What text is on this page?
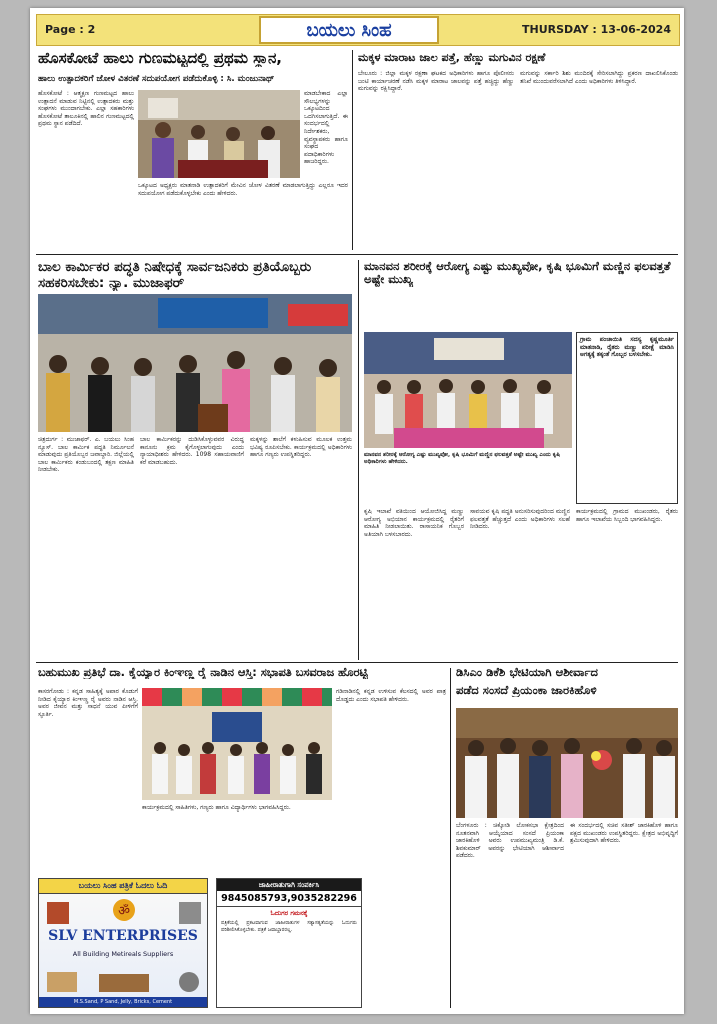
Page : 2	ಬಯಲು ಸಿಂಹ	THURSDAY : 13-06-2024
ಹೊಸಕೋಟೆ ಹಾಲು ಗುಣಮಟ್ಟದಲ್ಲಿ ಪ್ರಥಮ ಸ್ಥಾನ,
ಹಾಲು ಉತ್ಪಾದಕರಿಗೆ ಜೋಳ ವಿತರಣೆ ಸದುಪಯೋಗ ಪಡೆದುಕೊಳ್ಳಿ : ಸಿ. ಮಂಜುನಾಥ್
ಹೊಸಕೋಟೆ : ಆತ್ಮಕ್ಷಣ ಗುಣಮಟ್ಟದ ಹಾಲು ಉತ್ಪಾದನೆ ಮಾಡುವ ನಿಟ್ಟಿನಲ್ಲಿ ಉತ್ಪಾದಕರು ಮತ್ತು ಸಂಘಗಳು ಮುಂದಾಗಬೇಕು. ಎಲ್ಲಾ ಸಹಕಾರಿಗಳು ಹೊಸಕೋಟೆ ತಾಲೂಕಿನಲ್ಲಿ ಹಾಲಿನ ಗುಣಮಟ್ಟದಲ್ಲಿ ಪ್ರಥಮ ಸ್ಥಾನ ಪಡೆದಿದೆ.
ಮಾಡಬೇಕಾದ ಎಲ್ಲಾ ಸೌಲಭ್ಯಗಳನ್ನು ಒಕ್ಕೂಟದಿಂದ ಒದಗಿಸಲಾಗುತ್ತಿದೆ. ಈ ಸಂದರ್ಭದಲ್ಲಿ ನಿರ್ದೇಶಕರು, ವ್ಯವಸ್ಥಾಪಕರು ಹಾಗೂ ಸಂಘದ ಪದಾಧಿಕಾರಿಗಳು ಹಾಜರಿದ್ದರು.
ಒಕ್ಕೂಟದ ಅಧ್ಯಕ್ಷರು ಮಾತನಾಡಿ ಉತ್ಪಾದಕರಿಗೆ ಮೇವಿನ ಜೋಳ ವಿತರಣೆ ಮಾಡಲಾಗುತ್ತಿದ್ದು ಎಲ್ಲರೂ ಇದರ ಸದುಪಯೋಗ ಪಡೆದುಕೊಳ್ಳಬೇಕು ಎಂದು ಹೇಳಿದರು.
ಮಕ್ಕಳ ಮಾರಾಟ ಜಾಲ ಪತ್ತೆ, ಹೆಣ್ಣು ಮಗುವಿನ ರಕ್ಷಣೆ
ಬೇಲೂರು : ಜಿಲ್ಲಾ ಮಕ್ಕಳ ರಕ್ಷಣಾ ಘಟಕದ ಅಧಿಕಾರಿಗಳು ಹಾಗೂ ಪೊಲೀಸರು ಜಂಟಿ ಕಾರ್ಯಾಚರಣೆ ನಡೆಸಿ ಮಕ್ಕಳ ಮಾರಾಟ ಜಾಲವನ್ನು ಪತ್ತೆ ಹಚ್ಚಿದ್ದು ಹೆಣ್ಣು ಮಗುವನ್ನು ರಕ್ಷಿಸಿದ್ದಾರೆ.
ಮಗುವನ್ನು ಸರ್ಕಾರಿ ಶಿಶು ಮಂದಿರಕ್ಕೆ ಸೇರಿಸಲಾಗಿದ್ದು ಪ್ರಕರಣ ದಾಖಲಿಸಿಕೊಂಡು ತನಿಖೆ ಮುಂದುವರೆಸಲಾಗಿದೆ ಎಂದು ಅಧಿಕಾರಿಗಳು ತಿಳಿಸಿದ್ದಾರೆ.
ಬಾಲ ಕಾರ್ಮಿಕರ ಪದ್ಧತಿ ನಿಷೇಧಕ್ಕೆ ಸಾರ್ವಜನಿಕರು ಪ್ರತಿಯೊಬ್ಬರು ಸಹಕರಿಸಬೇಕು: ನ್ಯಾ. ಮುಜಾಫರ್
ಚಿತ್ರದುರ್ಗ : ಮುಜಾಫರ್. ಎ. ಬಯಲು ಸಿಂಹ ನ್ಯೂಸ್. ಬಾಲ ಕಾರ್ಮಿಕ ಪದ್ಧತಿ ನಿರ್ಮೂಲನೆ ಮಾಡುವುದು ಪ್ರತಿಯೊಬ್ಬರ ಜವಾಬ್ದಾರಿ. ಜಿಲ್ಲೆಯಲ್ಲಿ ಬಾಲ ಕಾರ್ಮಿಕರು ಕಂಡುಬಂದಲ್ಲಿ ತಕ್ಷಣ ಮಾಹಿತಿ ನೀಡಬೇಕು.
ಬಾಲ ಕಾರ್ಮಿಕರನ್ನು ದುಡಿಸಿಕೊಳ್ಳುವವರ ವಿರುದ್ಧ ಕಾನೂನು ಕ್ರಮ ಕೈಗೊಳ್ಳಲಾಗುವುದು ಎಂದು ನ್ಯಾಯಾಧೀಶರು ಹೇಳಿದರು. 1098 ಸಹಾಯವಾಣಿಗೆ ಕರೆ ಮಾಡಬಹುದು.
ಮಕ್ಕಳನ್ನು ಶಾಲೆಗೆ ಕಳುಹಿಸುವ ಮೂಲಕ ಉತ್ತಮ ಭವಿಷ್ಯ ರೂಪಿಸಬೇಕು. ಕಾರ್ಯಕ್ರಮದಲ್ಲಿ ಅಧಿಕಾರಿಗಳು ಹಾಗೂ ಗಣ್ಯರು ಉಪಸ್ಥಿತರಿದ್ದರು.
ಮಾನವನ ಶರೀರಕ್ಕೆ ಆರೋಗ್ಯ ಎಷ್ಟು ಮುಖ್ಯವೋ, ಕೃಷಿ ಭೂಮಿಗೆ ಮಣ್ಣಿನ ಫಲವತ್ತತೆ ಅಷ್ಟೇ ಮುಖ್ಯ
ಗ್ರಾಮ ಪಂಚಾಯಿತಿ ಸದಸ್ಯ ಕೃಷ್ಣಮೂರ್ತಿ ಮಾತನಾಡಿ, ರೈತರು ಮಣ್ಣು ಪರೀಕ್ಷೆ ಮಾಡಿಸಿ ಅಗತ್ಯಕ್ಕೆ ತಕ್ಕಂತೆ ಗೊಬ್ಬರ ಬಳಸಬೇಕು.
ಮಾನವನ ಶರೀರಕ್ಕೆ ಆರೋಗ್ಯ ಎಷ್ಟು ಮುಖ್ಯವೋ, ಕೃಷಿ ಭೂಮಿಗೆ ಮಣ್ಣಿನ ಫಲವತ್ತತೆ ಅಷ್ಟೇ ಮುಖ್ಯ ಎಂದು ಕೃಷಿ ಅಧಿಕಾರಿಗಳು ಹೇಳಿದರು.
ಕೃಷಿ ಇಲಾಖೆ ವತಿಯಿಂದ ಆಯೋಜಿಸಿದ್ದ ಮಣ್ಣು ಆರೋಗ್ಯ ಅಭಿಯಾನ ಕಾರ್ಯಕ್ರಮದಲ್ಲಿ ರೈತರಿಗೆ ಮಾಹಿತಿ ನೀಡಲಾಯಿತು. ರಾಸಾಯನಿಕ ಗೊಬ್ಬರ ಅತಿಯಾಗಿ ಬಳಸಬಾರದು.
ಸಾವಯವ ಕೃಷಿ ಪದ್ಧತಿ ಅನುಸರಿಸುವುದರಿಂದ ಮಣ್ಣಿನ ಫಲವತ್ತತೆ ಹೆಚ್ಚುತ್ತದೆ ಎಂದು ಅಧಿಕಾರಿಗಳು ಸಲಹೆ ನೀಡಿದರು.
ಕಾರ್ಯಕ್ರಮದಲ್ಲಿ ಗ್ರಾಮದ ಮುಖಂಡರು, ರೈತರು ಹಾಗೂ ಇಲಾಖೆಯ ಸಿಬ್ಬಂದಿ ಭಾಗವಹಿಸಿದ್ದರು.
ಬಹುಮುಖ ಪ್ರತಿಭೆ ದಾ. ಕೈಯ್ಯಾರ ಕಿಂಞಣ್ಣ ರೈ ನಾಡಿನ ಆಸ್ತಿ: ಸಭಾಪತಿ ಬಸವರಾಜ ಹೊರಟ್ಟಿ
ಕಾಸರಗೋಡು : ಕನ್ನಡ ಸಾಹಿತ್ಯಕ್ಕೆ ಅಪಾರ ಕೊಡುಗೆ ನೀಡಿದ ಕೈಯ್ಯಾರ ಕಿಂಞಣ್ಣ ರೈ ಅವರು ನಾಡಿನ ಆಸ್ತಿ. ಅವರ ಜೀವನ ಮತ್ತು ಸಾಧನೆ ಯುವ ಪೀಳಿಗೆಗೆ ಸ್ಫೂರ್ತಿ.
ಕಾರ್ಯಕ್ರಮದಲ್ಲಿ ಸಾಹಿತಿಗಳು, ಗಣ್ಯರು ಹಾಗೂ ವಿದ್ಯಾರ್ಥಿಗಳು ಭಾಗವಹಿಸಿದ್ದರು.
ಗಡಿನಾಡಿನಲ್ಲಿ ಕನ್ನಡ ಉಳಿಸುವ ಕೆಲಸದಲ್ಲಿ ಅವರ ಪಾತ್ರ ದೊಡ್ಡದು ಎಂದು ಸಭಾಪತಿ ಹೇಳಿದರು.
ಡಿಸಿಎಂ ಡಿಕೆಶಿ ಭೇಟಿಯಾಗಿ ಆಶೀರ್ವಾದ
ಪಡೆದ ಸಂಸದೆ ಪ್ರಿಯಂಕಾ ಜಾರಕಿಹೊಳಿ
ಬೆಂಗಳೂರು : ಚಿಕ್ಕೋಡಿ ಲೋಕಸಭಾ ಕ್ಷೇತ್ರದಿಂದ ನೂತನವಾಗಿ ಆಯ್ಕೆಯಾದ ಸಂಸದೆ ಪ್ರಿಯಂಕಾ ಜಾರಕಿಹೊಳಿ ಅವರು ಉಪಮುಖ್ಯಮಂತ್ರಿ ಡಿ.ಕೆ. ಶಿವಕುಮಾರ್ ಅವರನ್ನು ಭೇಟಿಯಾಗಿ ಆಶೀರ್ವಾದ ಪಡೆದರು.
ಈ ಸಂದರ್ಭದಲ್ಲಿ ಸಚಿವ ಸತೀಶ್ ಜಾರಕಿಹೊಳಿ ಹಾಗೂ ಪಕ್ಷದ ಮುಖಂಡರು ಉಪಸ್ಥಿತರಿದ್ದರು. ಕ್ಷೇತ್ರದ ಅಭಿವೃದ್ಧಿಗೆ ಶ್ರಮಿಸುವುದಾಗಿ ಹೇಳಿದರು.
ಬಯಲು ಸಿಂಹ ಪತ್ರಿಕೆ ಓದಲು ಓದಿ
ॐ
SLV ENTERPRISES
All Building Metireals Suppliers
M.S.Sand, P Sand, Jelly, Bricks, Cement
ಜಾಹೀರಾತುಗಾಗಿ ಸಂಪರ್ಕಿಸಿ
9845085793,9035282296
ಓದುಗರ ಗಮನಕ್ಕೆ
ಪತ್ರಿಕೆಯಲ್ಲಿ ಪ್ರಕಟವಾಗುವ ಜಾಹೀರಾತುಗಳ ಸತ್ಯಾಸತ್ಯತೆಯನ್ನು ಓದುಗರು ಪರಿಶೀಲಿಸಿಕೊಳ್ಳಬೇಕು. ಪತ್ರಿಕೆ ಜವಾಬ್ದಾರರಲ್ಲ.
